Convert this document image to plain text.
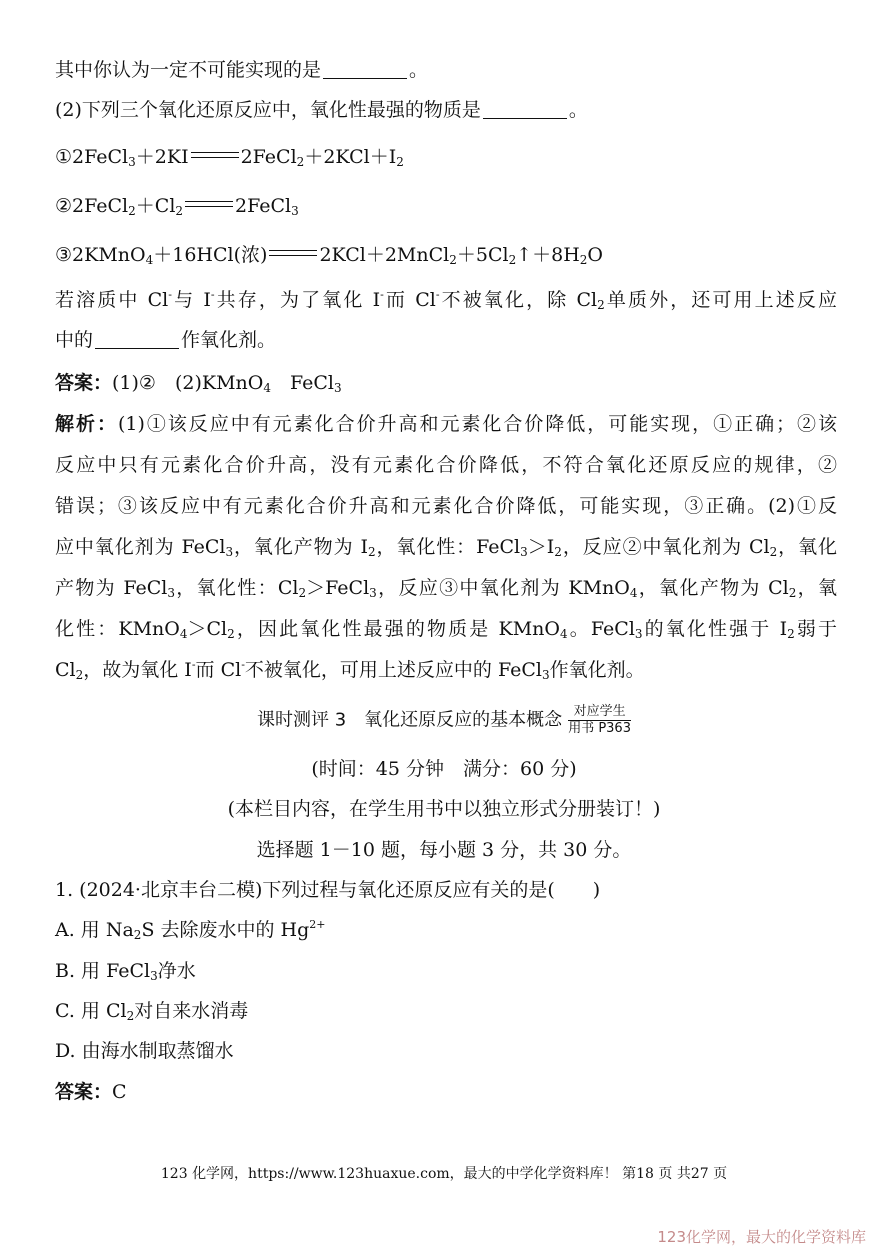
其中你认为一定不可能实现的是	。
(2)下列三个氧化还原反应中，氧化性最强的物质是	。
①2FeCl$_3$＋2KI	$2FeCl_2+2KCl+I_2$
$②2FeCl_2+Cl_2$	2FeCl$_3$
③2KMnO$_4$＋16HCl(浓)	$2KCl+2MnCl_2+5Cl_2↑+8H_2O$
若溶质中 Cl-与 I-共存，为了氧化 I-而 Cl-不被氧化，除 $Cl_2$单质外，还可用上述反应
中的	作氧化剂。
答案：(1)②　(2)KMnO$_4$　FeCl$_3$
解析：(1)①该反应中有元素化合价升高和元素化合价降低，可能实现，①正确；②该
反应中只有元素化合价升高，没有元素化合价降低，不符合氧化还原反应的规律，②
错误；③该反应中有元素化合价升高和元素化合价降低，可能实现，③正确。(2)①反
应中氧化剂为 FeCl$_3$，氧化产物为 $I_2$，氧化性：$FeCl_3>I_2$，反应②中氧化剂为 $Cl_2$，氧化
产物为 FeCl$_3$，氧化性：$Cl_2>FeCl_3$，反应③中氧化剂为 KMnO$_4$，氧化产物为 $Cl_2$，氧
化性：$KMnO_4>Cl_2$，因此氧化性最强的物质是 KMnO$_4$。FeCl$_3$的氧化性强于 $I_2$弱于
$Cl_2$，故为氧化 I-而 Cl-不被氧化，可用上述反应中的 FeCl$_3$作氧化剂。
课时测评 3　氧化还原反应的基本概念 对应学生
用书 P363
(时间：45 分钟　满分：60 分)
(本栏目内容，在学生用书中以独立形式分册装订！)
选择题 1－10 题，每小题 3 分，共 30 分。
1. (2024·北京丰台二模)下列过程与氧化还原反应有关的是(　　)
A. 用 $Na_2S$ 去除废水中的 $Hg^{2+}$
B. 用 FeCl$_3$净水
C. 用 $Cl_2$对自来水消毒
D. 由海水制取蒸馏水
答案：C
123 化学网，https://www.123huaxue.com，最大的中学化学资料库！ 第18 页 共27 页
123化学网，最大的化学资料库
